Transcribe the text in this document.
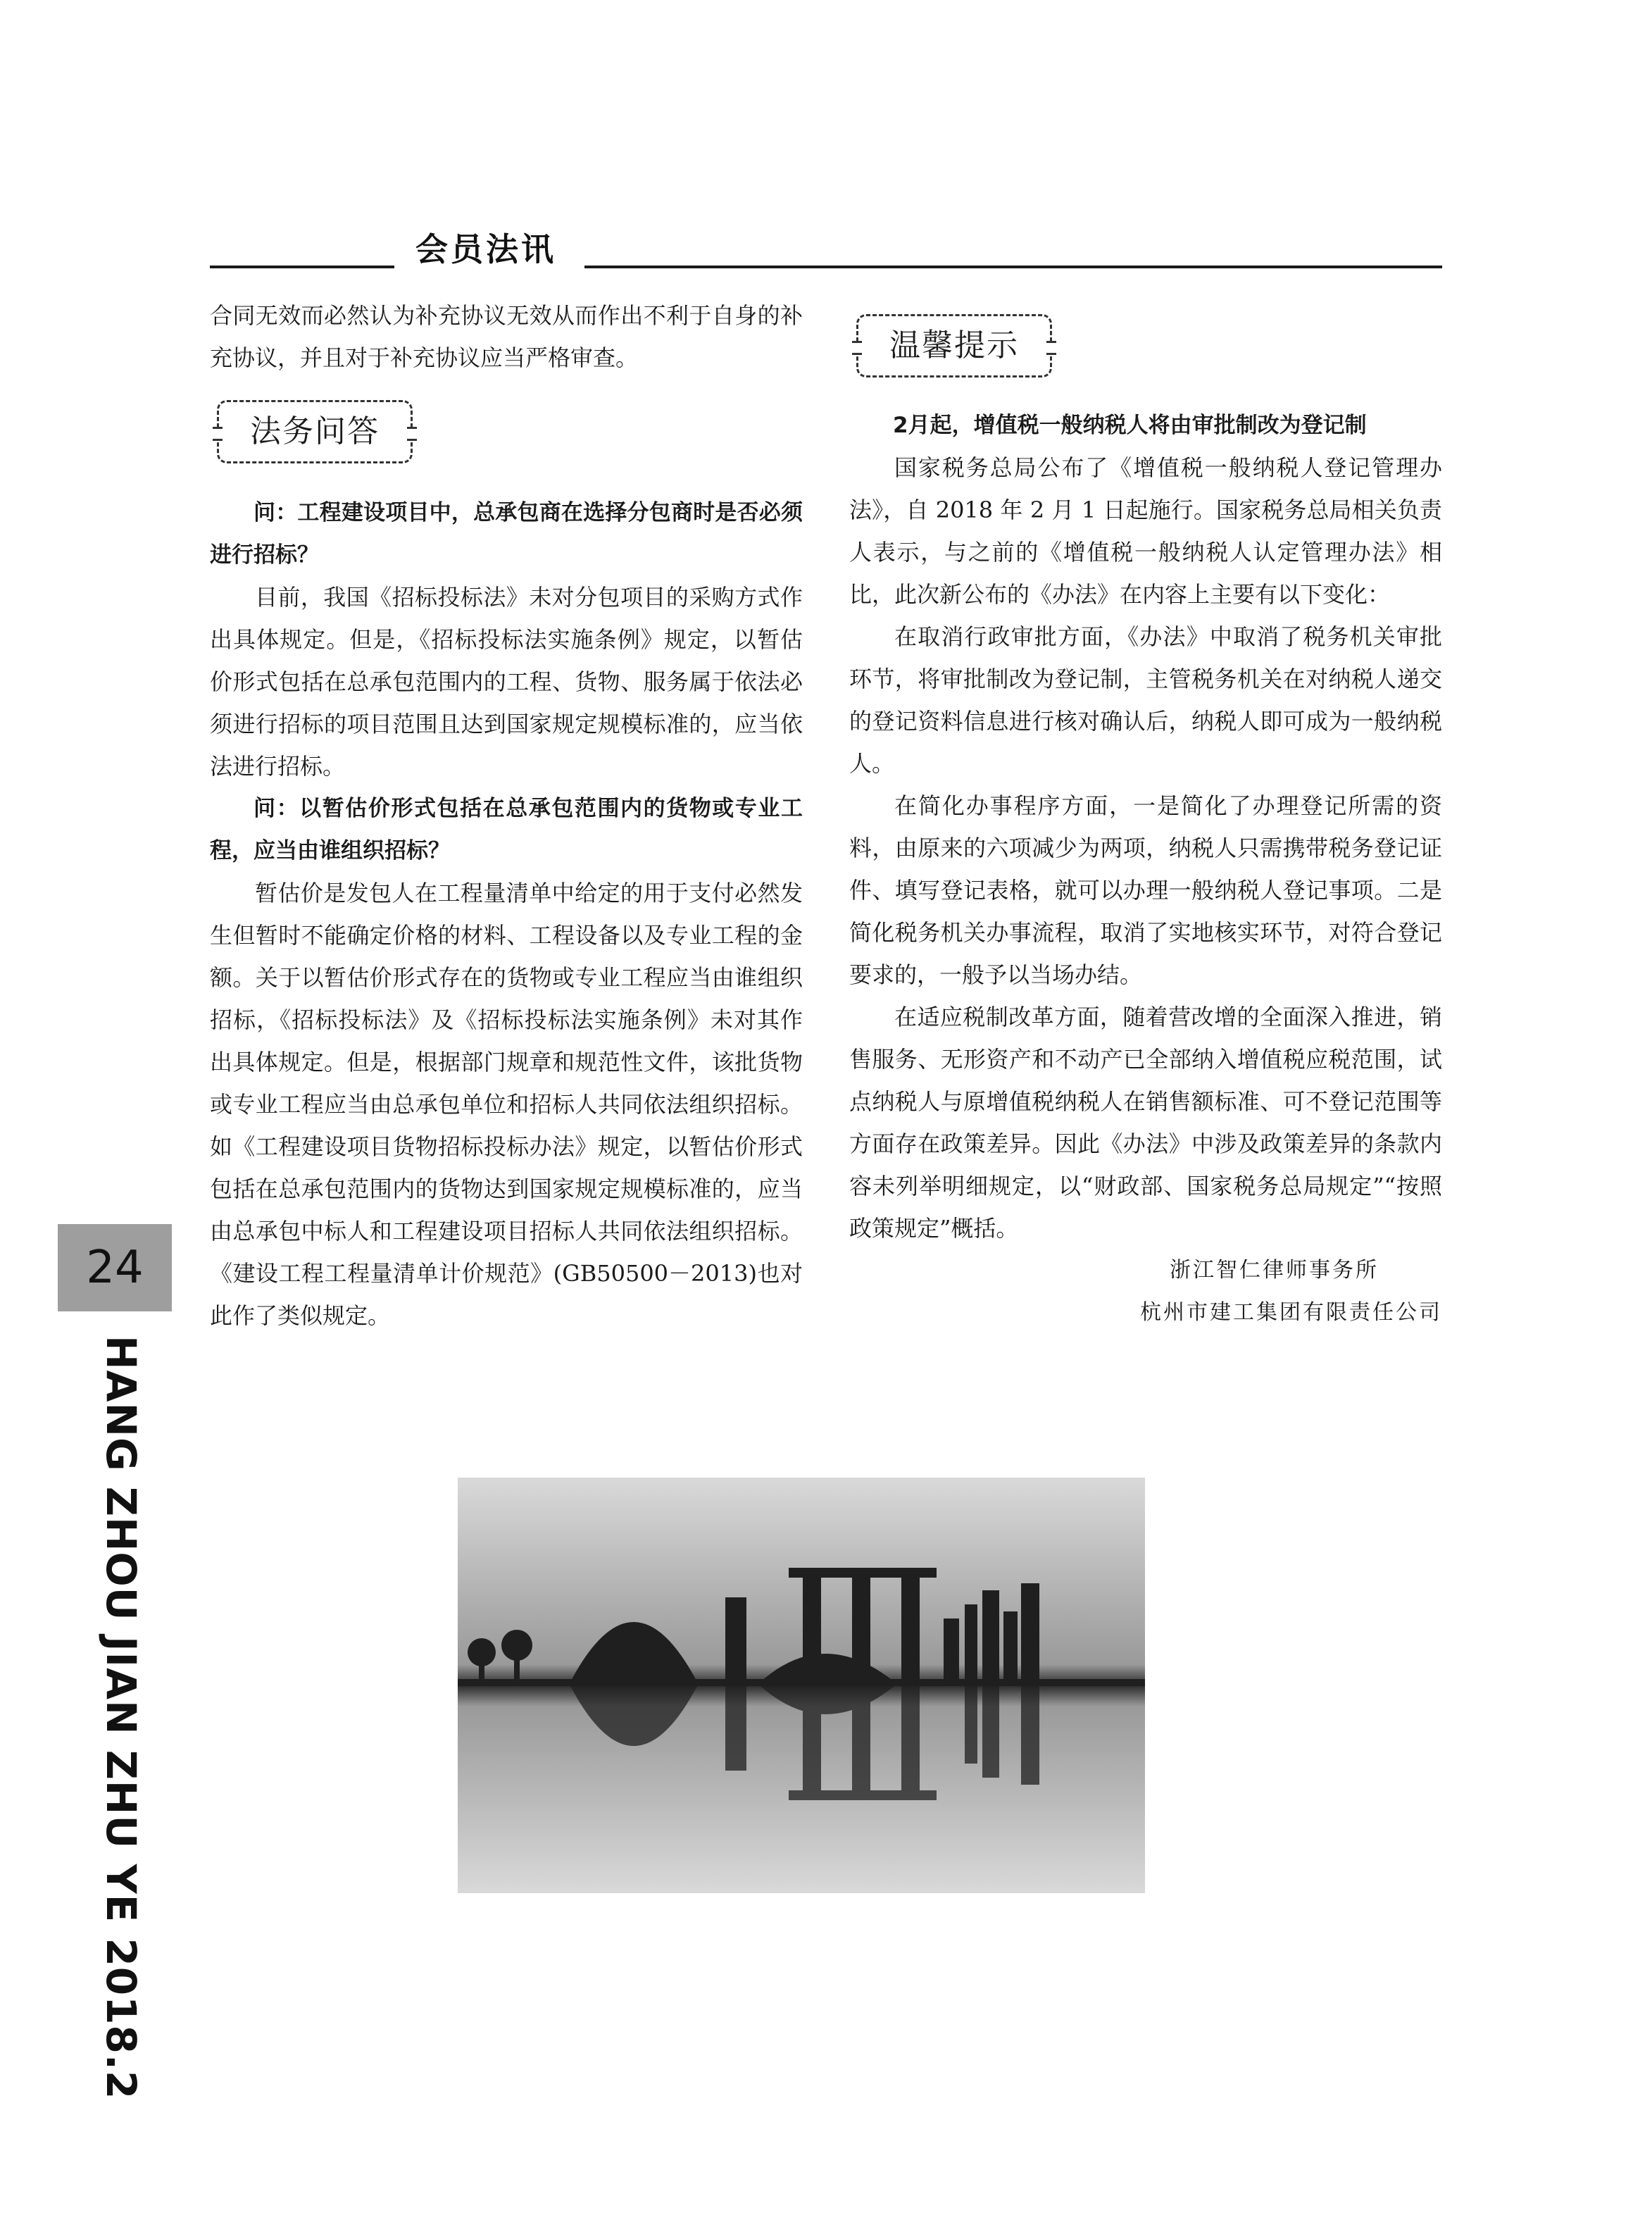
会员法讯

合同无效而必然认为补充协议无效从而作出不利于自身的补充协议，并且对于补充协议应当严格审查。

法务问答

问：工程建设项目中，总承包商在选择分包商时是否必须进行招标？

目前，我国《招标投标法》未对分包项目的采购方式作出具体规定。但是，《招标投标法实施条例》规定，以暂估价形式包括在总承包范围内的工程、货物、服务属于依法必须进行招标的项目范围且达到国家规定规模标准的，应当依法进行招标。

问：以暂估价形式包括在总承包范围内的货物或专业工程，应当由谁组织招标？

暂估价是发包人在工程量清单中给定的用于支付必然发生但暂时不能确定价格的材料、工程设备以及专业工程的金额。关于以暂估价形式存在的货物或专业工程应当由谁组织招标，《招标投标法》及《招标投标法实施条例》未对其作出具体规定。但是，根据部门规章和规范性文件，该批货物或专业工程应当由总承包单位和招标人共同依法组织招标。如《工程建设项目货物招标投标办法》规定，以暂估价形式包括在总承包范围内的货物达到国家规定规模标准的，应当由总承包中标人和工程建设项目招标人共同依法组织招标。《建设工程工程量清单计价规范》(GB50500－2013)也对此作了类似规定。

温馨提示

2月起，增值税一般纳税人将由审批制改为登记制

国家税务总局公布了《增值税一般纳税人登记管理办法》，自 2018 年 2 月 1 日起施行。国家税务总局相关负责人表示，与之前的《增值税一般纳税人认定管理办法》相比，此次新公布的《办法》在内容上主要有以下变化：

在取消行政审批方面，《办法》中取消了税务机关审批环节，将审批制改为登记制，主管税务机关在对纳税人递交的登记资料信息进行核对确认后，纳税人即可成为一般纳税人。

在简化办事程序方面，一是简化了办理登记所需的资料，由原来的六项减少为两项，纳税人只需携带税务登记证件、填写登记表格，就可以办理一般纳税人登记事项。二是简化税务机关办事流程，取消了实地核实环节，对符合登记要求的，一般予以当场办结。

在适应税制改革方面，随着营改增的全面深入推进，销售服务、无形资产和不动产已全部纳入增值税应税范围，试点纳税人与原增值税纳税人在销售额标准、可不登记范围等方面存在政策差异。因此《办法》中涉及政策差异的条款内容未列举明细规定，以“财政部、国家税务总局规定”“按照政策规定”概括。

浙江智仁律师事务所

杭州市建工集团有限责任公司

24
HANG ZHOU JIAN ZHU YE 2018.2
